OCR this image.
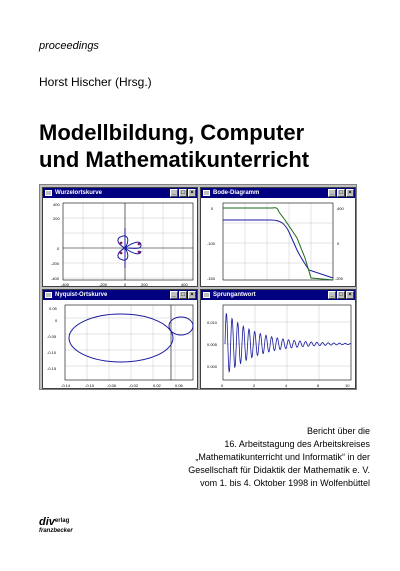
proceedings
Horst Hischer (Hrsg.)
Modellbildung, Computer
und Mathematikunterricht
Wurzelortskurve	_ □ ×
400
200
0
-200
-400
-400	-200	0	200	400
Bode-Diagramm	_ □ ×
0
-100
-150
400
0
-200
Nyquist-Ortskurve	_ □ ×
0.05
0
-0.05
-0.10
-0.15
-0.14	-0.10	-0.06	-0.02	0.02	0.06
Sprungantwort	_ □ ×
0.010
0.005
0.000
0	2	4	8	10
Bericht über die
16. Arbeitstagung des Arbeitskreises
„Mathematikunterricht und Informatik“ in der
Gesellschaft für Didaktik der Mathematik e. V.
vom 1. bis 4. Oktober 1998 in Wolfenbüttel
diverlag
franzbecker
